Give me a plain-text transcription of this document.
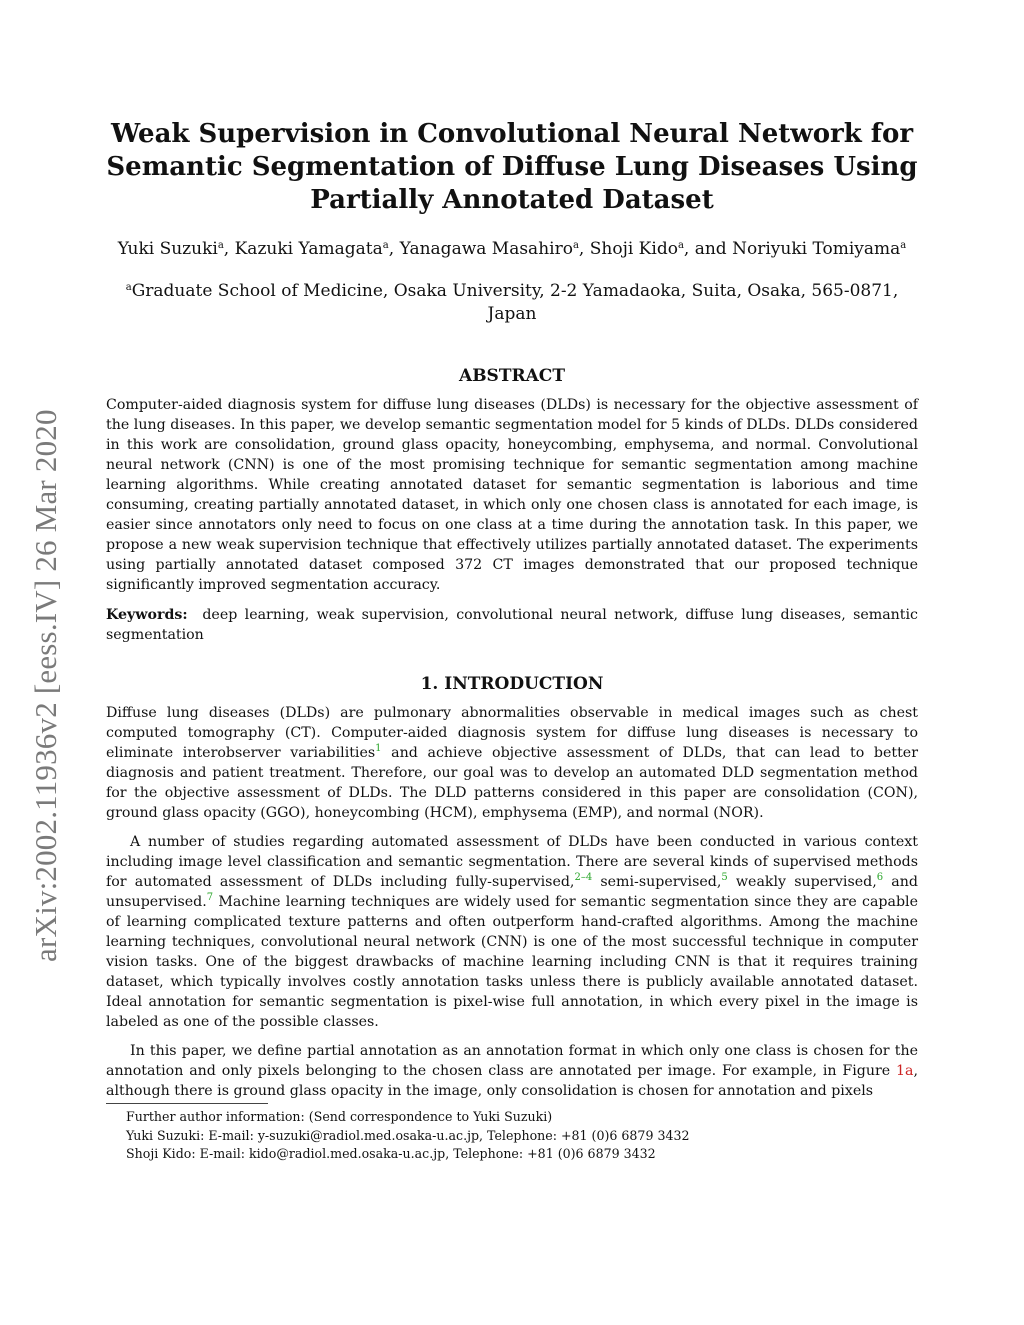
arXiv:2002.11936v2 [eess.IV] 26 Mar 2020
Weak Supervision in Convolutional Neural Network for
Semantic Segmentation of Diffuse Lung Diseases Using
Partially Annotated Dataset
Yuki Suzuki$^a$, Kazuki Yamagata$^a$, Yanagawa Masahiro$^a$, Shoji Kido$^a$, and Noriyuki Tomiyama$^a$
$^a$Graduate School of Medicine, Osaka University, 2-2 Yamadaoka, Suita, Osaka, 565-0871,
Japan
ABSTRACT

Computer-aided diagnosis system for diffuse lung diseases (DLDs) is necessary for the objective assessment of the lung diseases. In this paper, we develop semantic segmentation model for 5 kinds of DLDs. DLDs considered in this work are consolidation, ground glass opacity, honeycombing, emphysema, and normal. Convolutional neural network (CNN) is one of the most promising technique for semantic segmentation among machine learning algorithms. While creating annotated dataset for semantic segmentation is laborious and time consuming, creating partially annotated dataset, in which only one chosen class is annotated for each image, is easier since annotators only need to focus on one class at a time during the annotation task. In this paper, we propose a new weak supervision technique that effectively utilizes partially annotated dataset. The experiments using partially annotated dataset composed 372 CT images demonstrated that our proposed technique significantly improved segmentation accuracy.

Keywords: deep learning, weak supervision, convolutional neural network, diffuse lung diseases, semantic segmentation

1. INTRODUCTION

Diffuse lung diseases (DLDs) are pulmonary abnormalities observable in medical images such as chest computed tomography (CT). Computer-aided diagnosis system for diffuse lung diseases is necessary to eliminate interobserver variabilities$^1$ and achieve objective assessment of DLDs, that can lead to better diagnosis and patient treatment. Therefore, our goal was to develop an automated DLD segmentation method for the objective assessment of DLDs. The DLD patterns considered in this paper are consolidation (CON), ground glass opacity (GGO), honeycombing (HCM), emphysema (EMP), and normal (NOR).

A number of studies regarding automated assessment of DLDs have been conducted in various context including image level classification and semantic segmentation. There are several kinds of supervised methods for automated assessment of DLDs including fully-supervised,$^{2-4}$ semi-supervised,$^5$ weakly supervised,$^6$ and unsupervised.$^7$ Machine learning techniques are widely used for semantic segmentation since they are capable of learning complicated texture patterns and often outperform hand-crafted algorithms. Among the machine learning techniques, convolutional neural network (CNN) is one of the most successful technique in computer vision tasks. One of the biggest drawbacks of machine learning including CNN is that it requires training dataset, which typically involves costly annotation tasks unless there is publicly available annotated dataset. Ideal annotation for semantic segmentation is pixel-wise full annotation, in which every pixel in the image is labeled as one of the possible classes.

In this paper, we define partial annotation as an annotation format in which only one class is chosen for the annotation and only pixels belonging to the chosen class are annotated per image. For example, in Figure 1a, although there is ground glass opacity in the image, only consolidation is chosen for annotation and pixels

Further author information: (Send correspondence to Yuki Suzuki)
Yuki Suzuki: E-mail: y-suzuki@radiol.med.osaka-u.ac.jp, Telephone: +81 (0)6 6879 3432
Shoji Kido: E-mail: kido@radiol.med.osaka-u.ac.jp, Telephone: +81 (0)6 6879 3432
